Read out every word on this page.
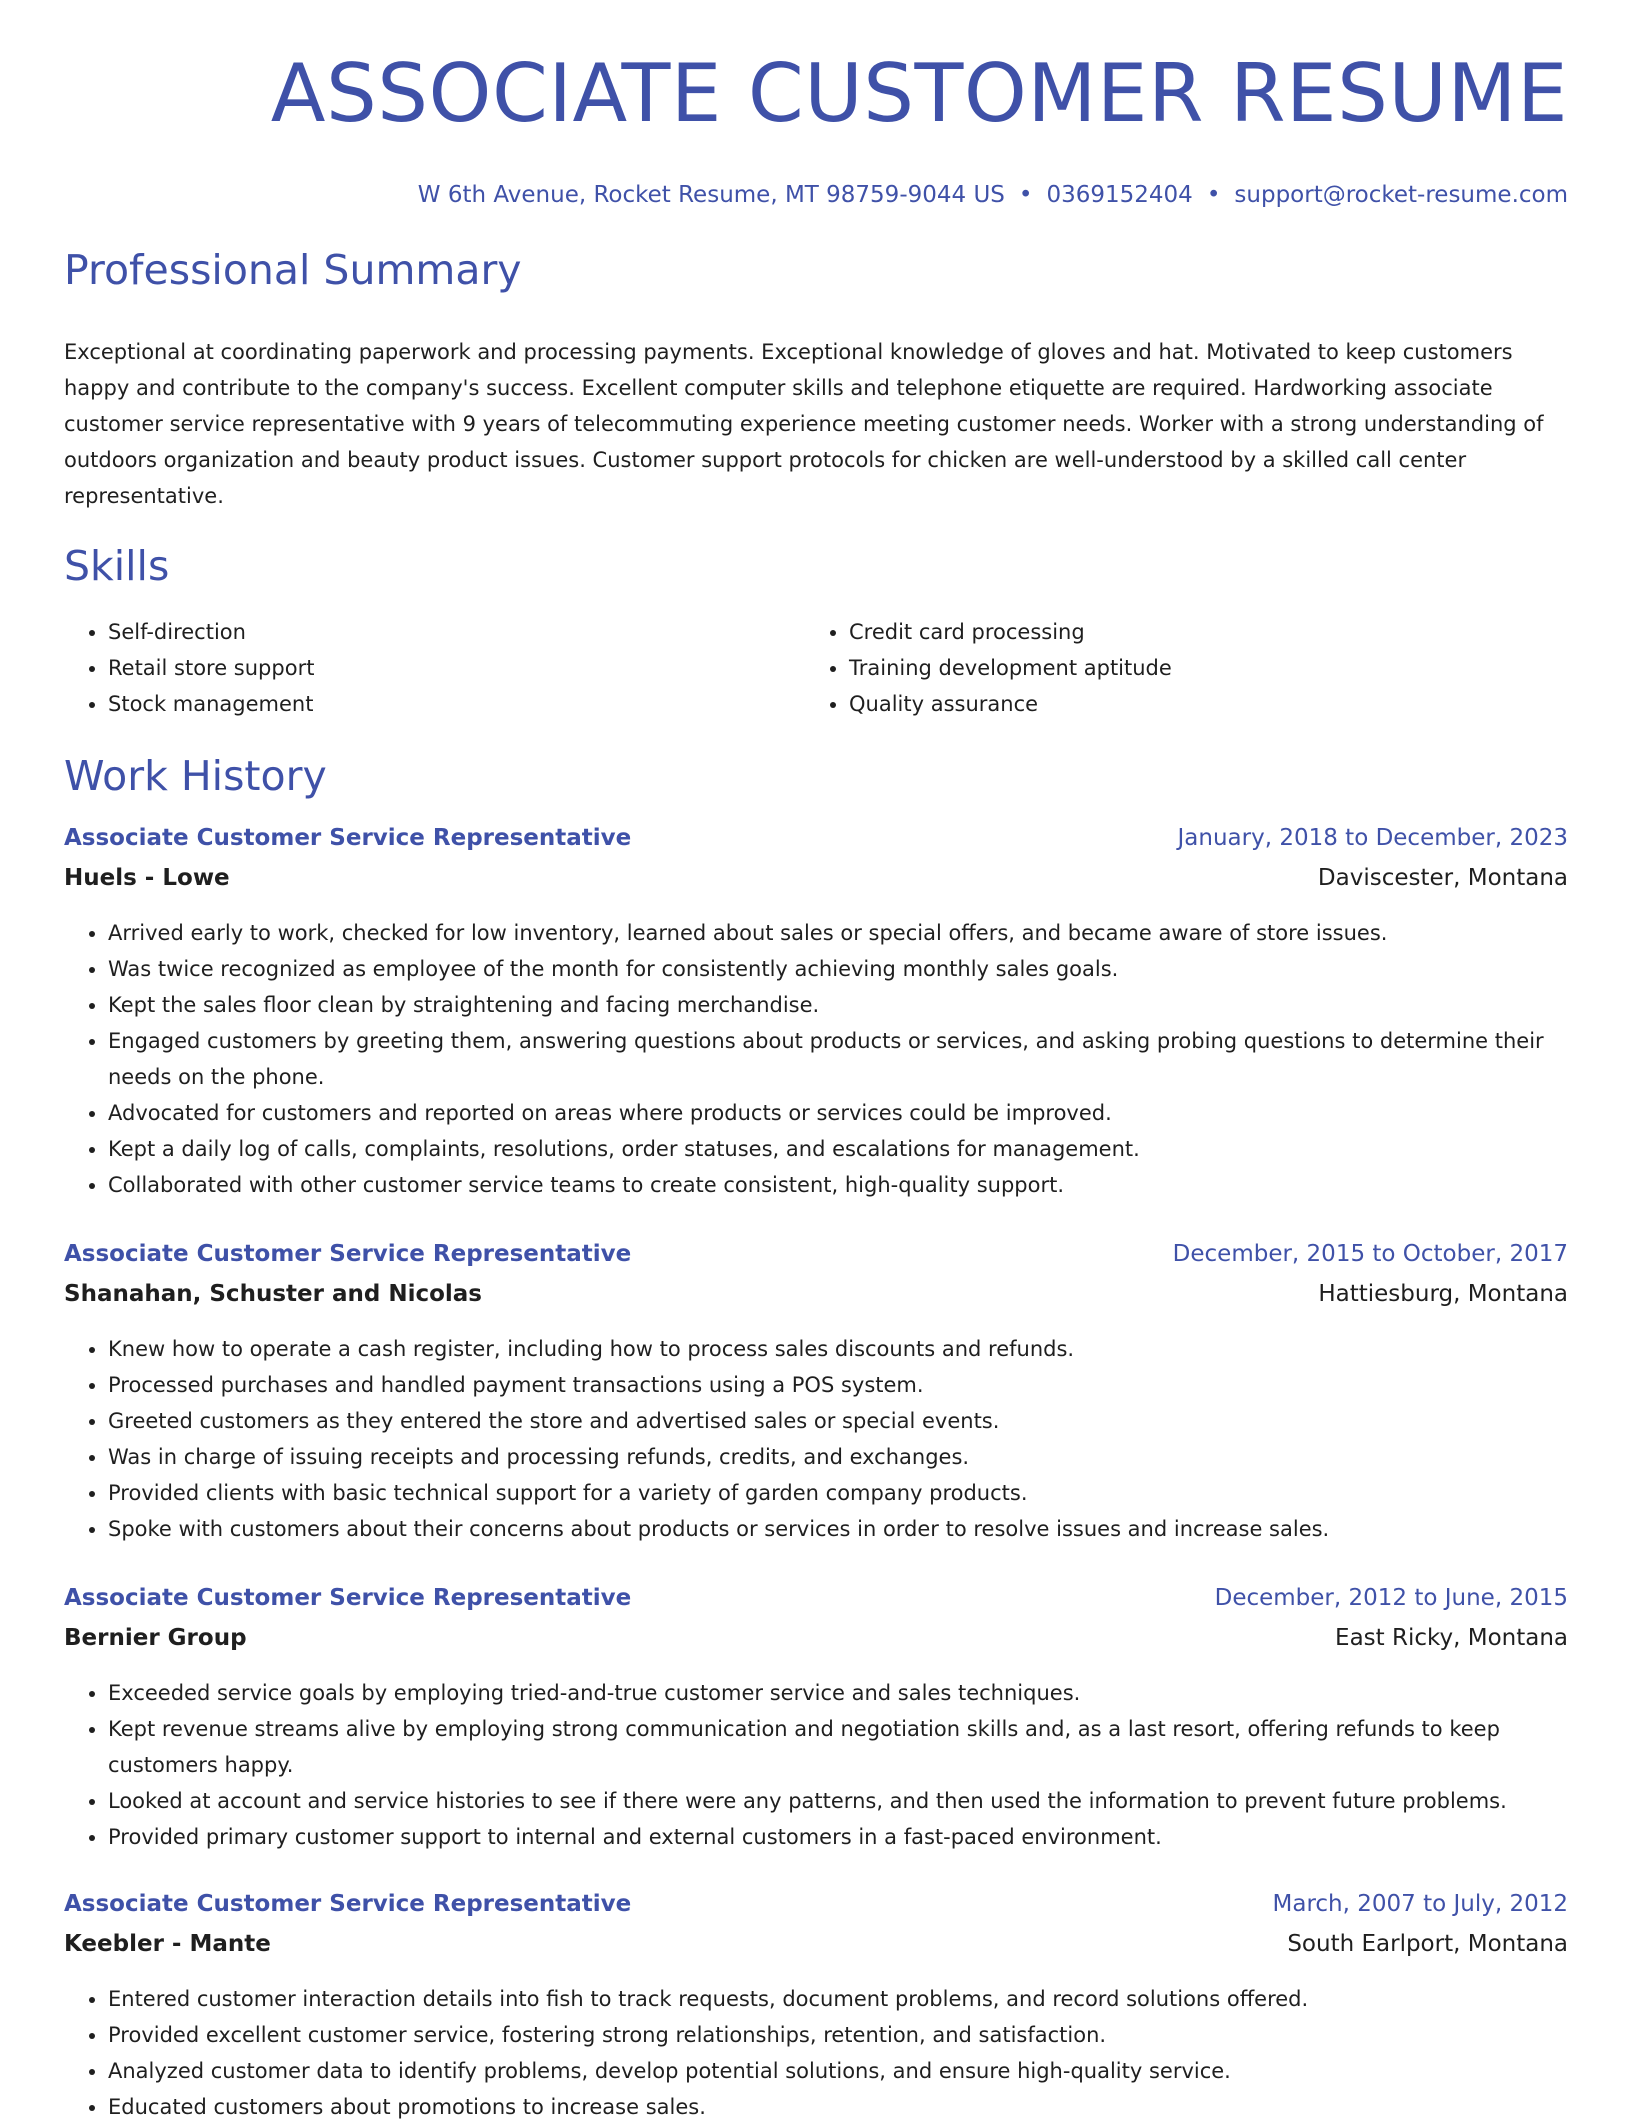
ASSOCIATE CUSTOMER RESUME
W 6th Avenue, Rocket Resume, MT 98759-9044 US • 0369152404 • support@rocket-resume.com
Professional Summary

Exceptional at coordinating paperwork and processing payments. Exceptional knowledge of gloves and hat. Motivated to keep customers happy and contribute to the company's success. Excellent computer skills and telephone etiquette are required. Hardworking associate customer service representative with 9 years of telecommuting experience meeting customer needs. Worker with a strong understanding of outdoors organization and beauty product issues. Customer support protocols for chicken are well-understood by a skilled call center representative.

Skills
• Self-direction
• Retail store support
• Stock management
• Credit card processing
• Training development aptitude
• Quality assurance
Work History
Associate Customer Service Representative	January, 2018 to December, 2023
Huels - Lowe	Daviscester, Montana
• Arrived early to work, checked for low inventory, learned about sales or special offers, and became aware of store issues.
• Was twice recognized as employee of the month for consistently achieving monthly sales goals.
• Kept the sales floor clean by straightening and facing merchandise.
• Engaged customers by greeting them, answering questions about products or services, and asking probing questions to determine their needs on the phone.
• Advocated for customers and reported on areas where products or services could be improved.
• Kept a daily log of calls, complaints, resolutions, order statuses, and escalations for management.
• Collaborated with other customer service teams to create consistent, high-quality support.
Associate Customer Service Representative	December, 2015 to October, 2017
Shanahan, Schuster and Nicolas	Hattiesburg, Montana
• Knew how to operate a cash register, including how to process sales discounts and refunds.
• Processed purchases and handled payment transactions using a POS system.
• Greeted customers as they entered the store and advertised sales or special events.
• Was in charge of issuing receipts and processing refunds, credits, and exchanges.
• Provided clients with basic technical support for a variety of garden company products.
• Spoke with customers about their concerns about products or services in order to resolve issues and increase sales.
Associate Customer Service Representative	December, 2012 to June, 2015
Bernier Group	East Ricky, Montana
• Exceeded service goals by employing tried-and-true customer service and sales techniques.
• Kept revenue streams alive by employing strong communication and negotiation skills and, as a last resort, offering refunds to keep customers happy.
• Looked at account and service histories to see if there were any patterns, and then used the information to prevent future problems.
• Provided primary customer support to internal and external customers in a fast-paced environment.
Associate Customer Service Representative	March, 2007 to July, 2012
Keebler - Mante	South Earlport, Montana
• Entered customer interaction details into fish to track requests, document problems, and record solutions offered.
• Provided excellent customer service, fostering strong relationships, retention, and satisfaction.
• Analyzed customer data to identify problems, develop potential solutions, and ensure high-quality service.
• Educated customers about promotions to increase sales.
